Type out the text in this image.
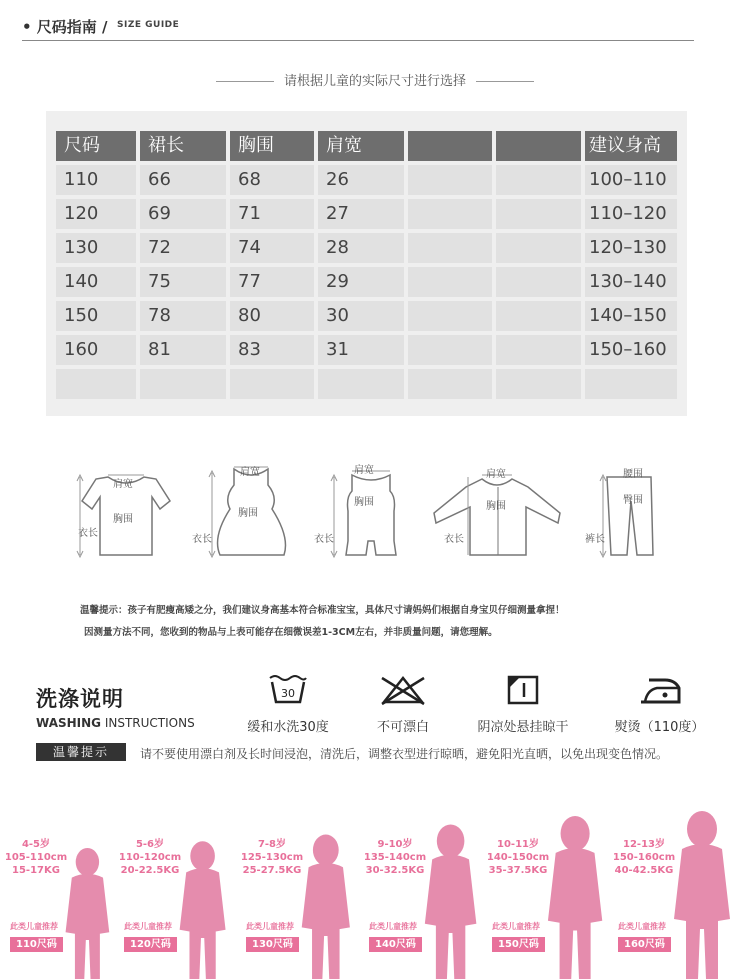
• 尺码指南 / SIZE GUIDE
请根据儿童的实际尺寸进行选择
尺码	裙长	胸围	肩宽	建议身高
110	66	68	26	100–110
120	69	71	27	110–120
130	72	74	28	120–130
140	75	77	29	130–140
150	78	80	30	140–150
160	81	83	31	150–160
肩宽
胸围
衣长
肩宽
胸围
衣长
肩宽
胸围
衣长
肩宽
胸围
衣长
腰围
臀围
裤长
温馨提示：孩子有肥瘦高矮之分，我们建议身高基本符合标准宝宝，具体尺寸请妈妈们根据自身宝贝仔细测量拿捏！
因测量方法不同，您收到的物品与上表可能存在细微误差1-3CM左右，并非质量问题，请您理解。
洗涤说明
WASHING INSTRUCTIONS
30
缓和水洗30度	不可漂白	阴凉处悬挂晾干	熨烫（110度）
温馨提示	请不要使用漂白剂及长时间浸泡，清洗后，调整衣型进行晾晒，避免阳光直晒，以免出现变色情况。
4-5岁
105-110cm
15-17KG
此类儿童推荐
110尺码
5-6岁
110-120cm
20-22.5KG
此类儿童推荐
120尺码
7-8岁
125-130cm
25-27.5KG
此类儿童推荐
130尺码
9-10岁
135-140cm
30-32.5KG
此类儿童推荐
140尺码
10-11岁
140-150cm
35-37.5KG
此类儿童推荐
150尺码
12-13岁
150-160cm
40-42.5KG
此类儿童推荐
160尺码
